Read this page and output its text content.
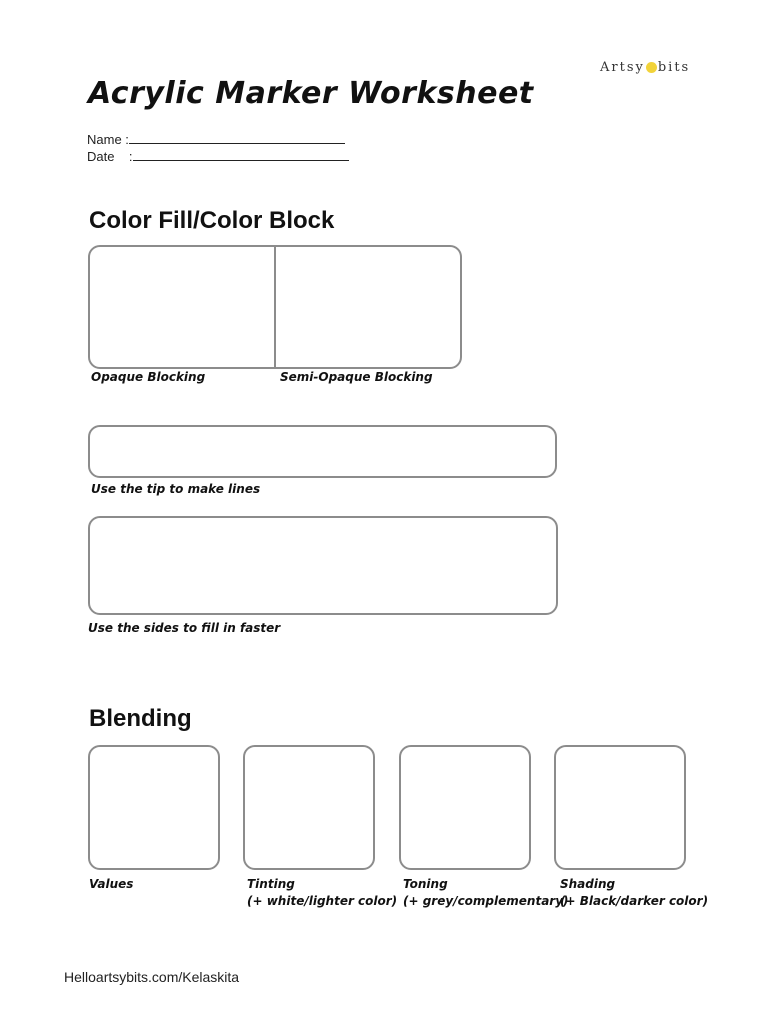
Artsy bits
Acrylic Marker Worksheet
Name :
Date    :
Color Fill/Color Block
Opaque Blocking	Semi-Opaque Blocking
Use the tip to make lines
Use the sides to fill in faster
Blending
Values	Tinting
(+ white/lighter color)
Toning
(+ grey/complementary)
Shading
(+ Black/darker color)
Helloartsybits.com/Kelaskita
